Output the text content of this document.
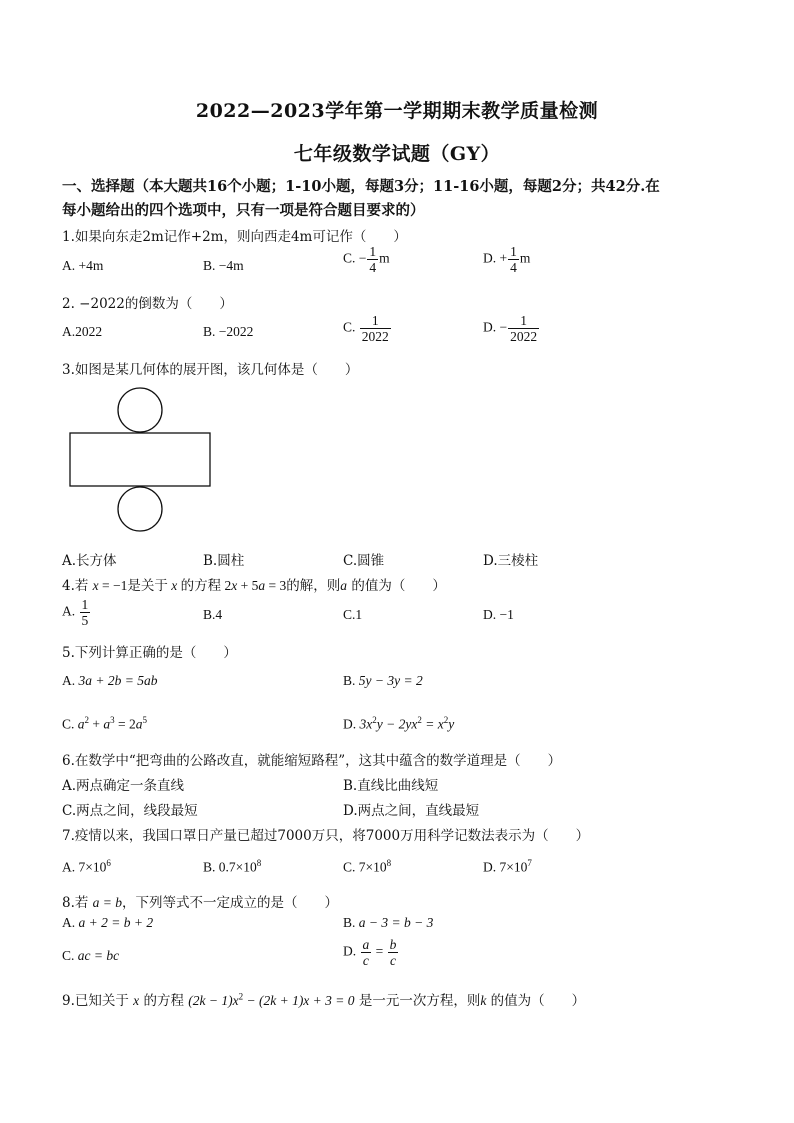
2022—2023学年第一学期期末教学质量检测
七年级数学试题（GY）
一、选择题（本大题共16个小题；1-10小题，每题3分；11-16小题，每题2分；共42分.在
每小题给出的四个选项中，只有一项是符合题目要求的）
1.如果向东走2m记作+2m，则向西走4m可记作（　　）
A. +4m	B. −4m	C. − $\frac{1}{4}$ m	D. + $\frac{1}{4}$ m
2. −2022的倒数为（　　）
A.2022	B. −2022	C. $\frac{1}{2022}$	D. − $\frac{1}{2022}$
3.如图是某几何体的展开图，该几何体是（　　）
A.长方体	B.圆柱	C.圆锥	D.三棱柱
4.若 x = −1是关于 x 的方程 2x + 5a = 3的解，则a 的值为（　　）
A. $\frac{1}{5}$	B.4	C.1	D. −1
5.下列计算正确的是（　　）
A. 3a + 2b = 5ab	B. 5y − 3y = 2
C. $a^2 + a^3 = 2a^5$	D. $3x^2y - 2yx^2 = x^2y$
6.在数学中“把弯曲的公路改直，就能缩短路程”，这其中蕴含的数学道理是（　　）
A.两点确定一条直线	B.直线比曲线短
C.两点之间，线段最短	D.两点之间，直线最短
7.疫情以来，我国口罩日产量已超过7000万只，将7000万用科学记数法表示为（　　）
A. $7\times 10^6$	B. $0.7\times 10^8$	C. $7\times 10^8$	D. $7\times 10^7$
8.若 a = b，下列等式不一定成立的是（　　）
A. a + 2 = b + 2	B. a − 3 = b − 3
C. ac = bc	D. $\frac{a}{c} = \frac{b}{c}$
9.已知关于 x 的方程 $(2k - 1)x^2 - (2k + 1)x + 3 = 0$ 是一元一次方程，则k 的值为（　　）
